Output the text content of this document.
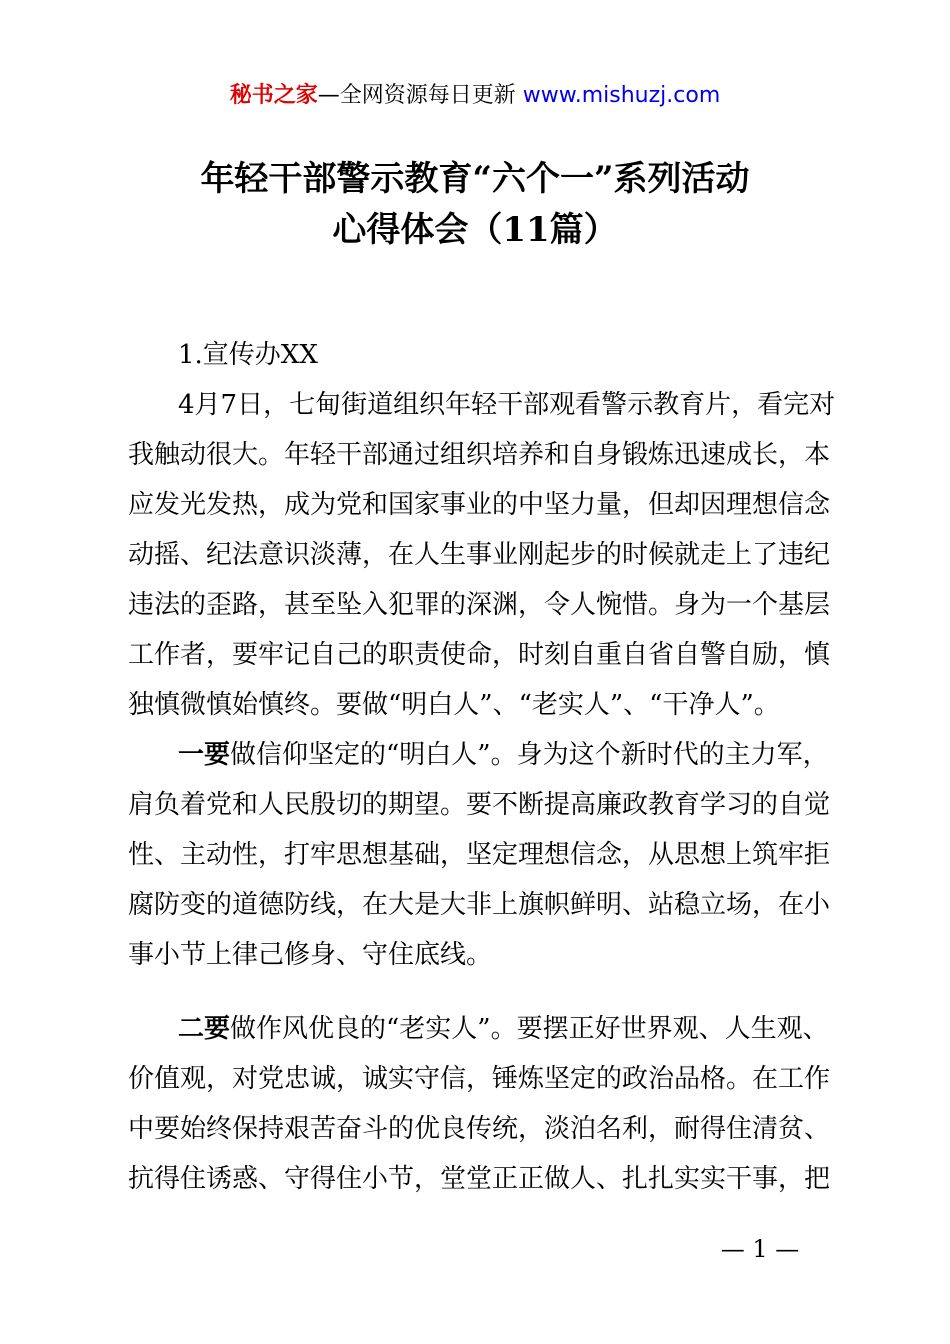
秘书之家—全网资源每日更新 www.mishuzj.com
年轻干部警示教育“六个一”系列活动
心得体会（11篇）
1.宣传办XX
4月7日，七甸街道组织年轻干部观看警示教育片，看完对
我触动很大。年轻干部通过组织培养和自身锻炼迅速成长，本
应发光发热，成为党和国家事业的中坚力量，但却因理想信念
动摇、纪法意识淡薄，在人生事业刚起步的时候就走上了违纪
违法的歪路，甚至坠入犯罪的深渊，令人惋惜。身为一个基层
工作者，要牢记自己的职责使命，时刻自重自省自警自励，慎
独慎微慎始慎终。要做“明白人”、“老实人”、“干净人”。
一要做信仰坚定的“明白人”。身为这个新时代的主力军，
肩负着党和人民殷切的期望。要不断提高廉政教育学习的自觉
性、主动性，打牢思想基础，坚定理想信念，从思想上筑牢拒
腐防变的道德防线，在大是大非上旗帜鲜明、站稳立场，在小
事小节上律己修身、守住底线。
二要做作风优良的“老实人”。要摆正好世界观、人生观、
价值观，对党忠诚，诚实守信，锤炼坚定的政治品格。在工作
中要始终保持艰苦奋斗的优良传统，淡泊名利，耐得住清贫、
抗得住诱惑、守得住小节，堂堂正正做人、扎扎实实干事，把
— 1 —
